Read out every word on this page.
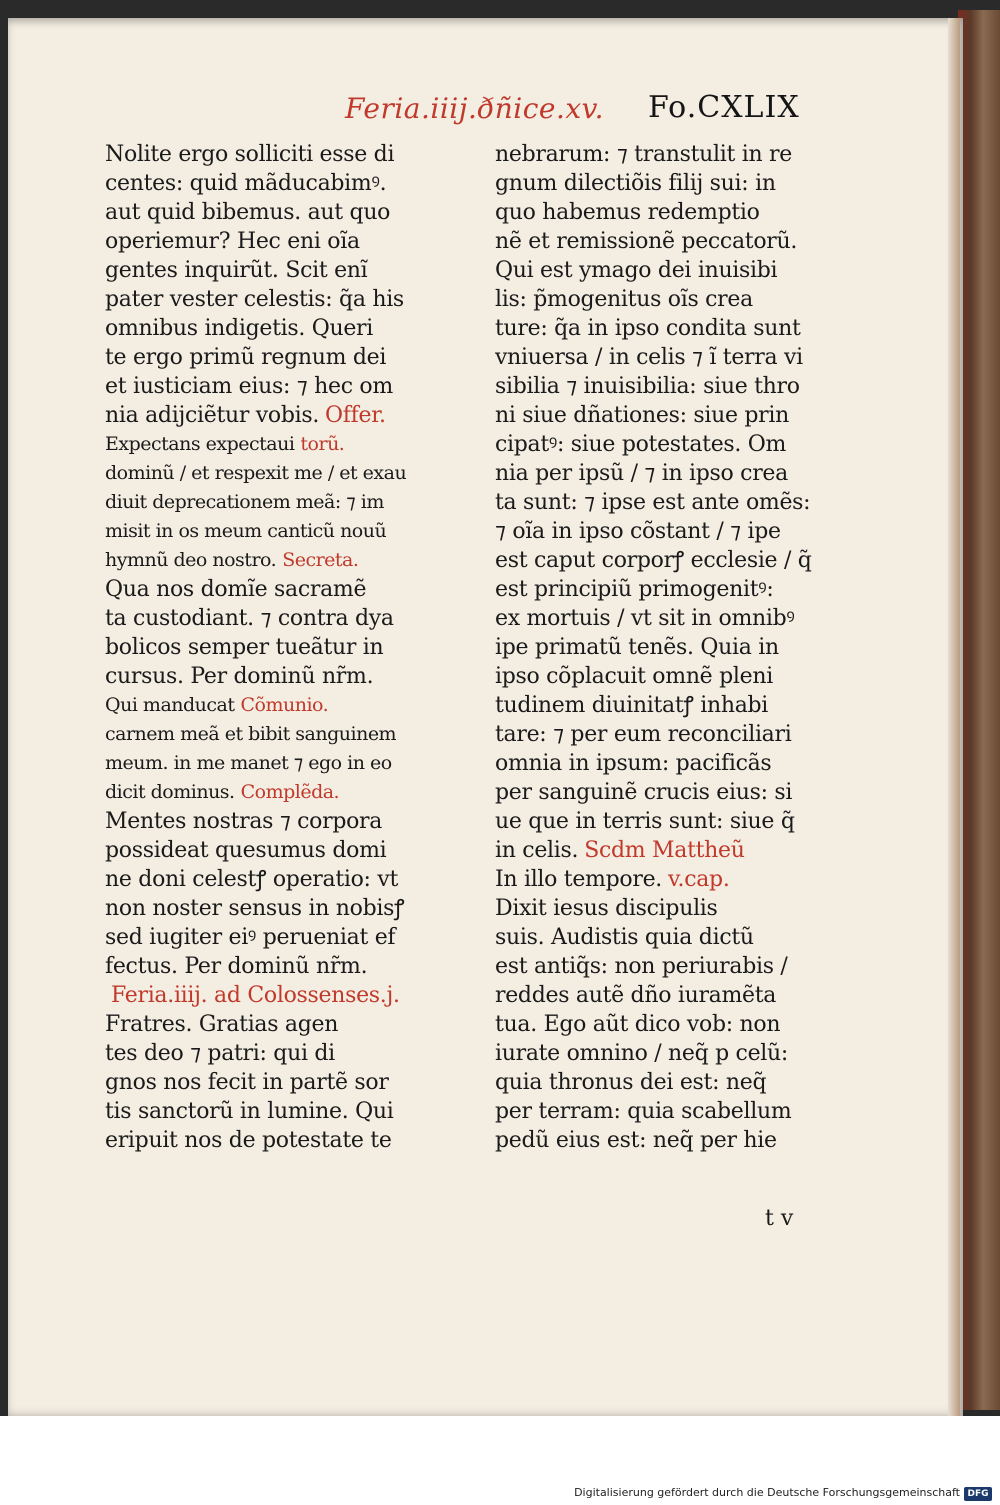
Feria.iiij.ðñice.xv. Fo.CXLIX
Nolite ergo solliciti esse di
centes: quid mãducabimꝰ.
aut quid bibemus. aut quo
operiemur? Hec eni oĩa
gentes inquirũt. Scit enĩ
pater vester celestis: q̃a his
omnibus indigetis. Queri
te ergo primũ regnum dei
et iusticiam eius: ⁊ hec om
nia adijciẽtur vobis. Offer.
Expectans expectaui torũ.
dominũ / et respexit me / et exau
diuit deprecationem meã: ⁊ im
misit in os meum canticũ nouũ
hymnũ deo nostro. Secreta.
Qua nos domĩe sacramẽ
ta custodiant. ⁊ contra dya
bolicos semper tueãtur in
cursus. Per dominũ nr̃m.
Qui manducat Cõmunio.
carnem meã et bibit sanguinem
meum. in me manet ⁊ ego in eo
dicit dominus. Complẽda.
Mentes nostras ⁊ corpora
possideat quesumus domi
ne doni celestꝭ operatio: vt
non noster sensus in nobisꝭ
sed iugiter eiꝰ perueniat ef
fectus. Per dominũ nr̃m.
Feria.iiij. ad Colossenses.j.
Fratres. Gratias agen
tes deo ⁊ patri: qui di
gnos nos fecit in partẽ sor
tis sanctorũ in lumine. Qui
eripuit nos de potestate te
nebrarum: ⁊ transtulit in re
gnum dilectiõis filij sui: in
quo habemus redemptio
nẽ et remissionẽ peccatorũ.
Qui est ymago dei inuisibi
lis: p̃mogenitus oĩs crea
ture: q̃a in ipso condita sunt
vniuersa / in celis ⁊ ĩ terra vi
sibilia ⁊ inuisibilia: siue thro
ni siue dñationes: siue prin
cipatꝰ: siue potestates. Om
nia per ipsũ / ⁊ in ipso crea
ta sunt: ⁊ ipse est ante omẽs:
⁊ oĩa in ipso cõstant / ⁊ ipe
est caput corporꝭ ecclesie / q̃
est principiũ primogenitꝰ:
ex mortuis / vt sit in omnibꝰ
ipe primatũ tenẽs. Quia in
ipso cõplacuit omnẽ pleni
tudinem diuinitatꝭ inhabi
tare: ⁊ per eum reconciliari
omnia in ipsum: pacificãs
per sanguinẽ crucis eius: si
ue que in terris sunt: siue q̃
in celis. Scdm Mattheũ
In illo tempore. v.cap.
Dixit iesus discipulis
suis. Audistis quia dictũ
est antiq̃s: non periurabis /
reddes autẽ dño iuramẽta
tua. Ego aũt dico vob: non
iurate omnino / neq̃ p celũ:
quia thronus dei est: neq̃
per terram: quia scabellum
pedũ eius est: neq̃ per hie
t v
Digitalisierung gefördert durch die Deutsche Forschungsgemeinschaft DFG
